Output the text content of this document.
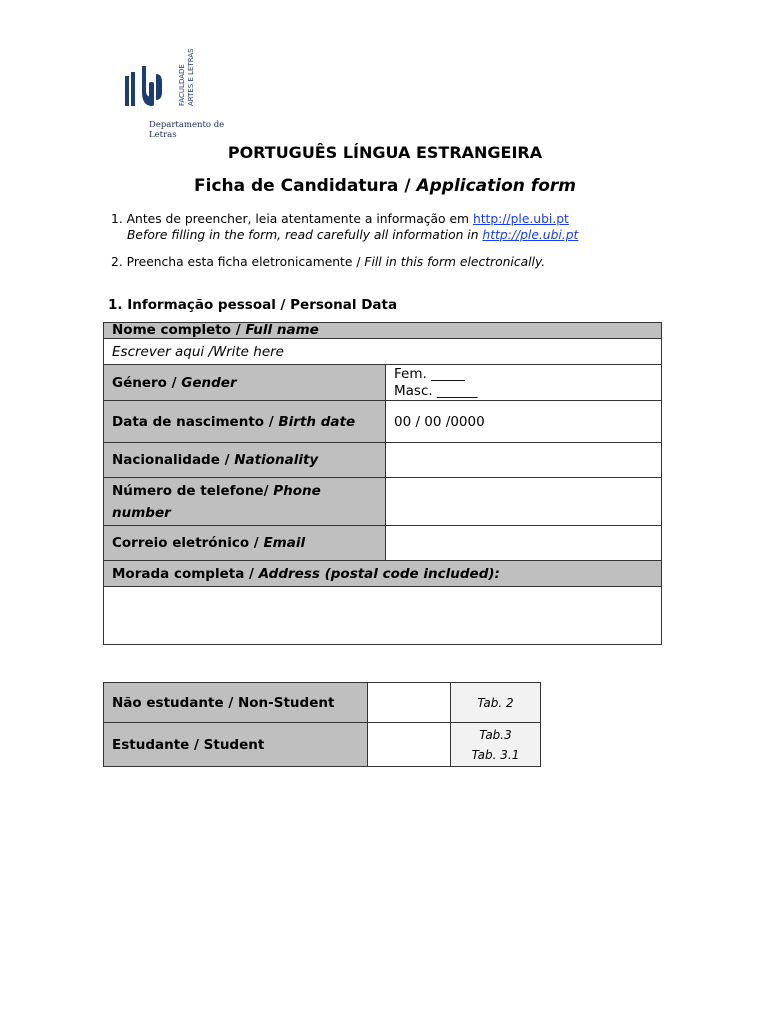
FACULDADE ARTES E LETRAS
Departamento de Letras
PORTUGUÊS LÍNGUA ESTRANGEIRA
Ficha de Candidatura / Application form
1. Antes de preencher, leia atentamente a informação em http://ple.ubi.pt
Before filling in the form, read carefully all information in http://ple.ubi.pt
2. Preencha esta ficha eletronicamente / Fill in this form electronically.
1. Informação pessoal / Personal Data
Nome completo / Full name	
Escrever aqui /Write here	
Género / Gender	Fem. _____
Masc. ______

Data de nascimento / Birth date	00 / 00 /0000
Nacionalidade / Nationality	
Número de telefone/ Phone number	
Correio eletrónico / Email	
Morada completa / Address (postal code included):	

Não estudante / Non-Student		Tab. 2
Estudante / Student		Tab.3
Tab. 3.1
